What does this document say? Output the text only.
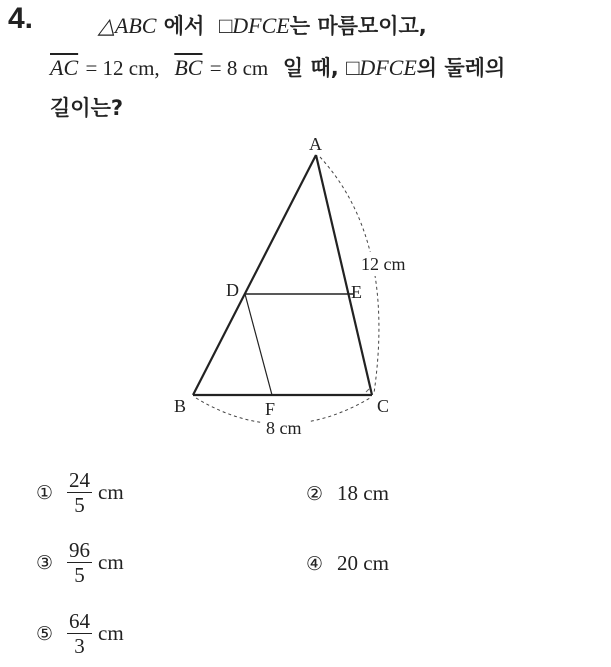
4.	△ABC 에서 □DFCE는 마름모이고,
$\overline{AC} = 12$ cm, $\overline{BC} = 8$ cm 일 때, □DFCE의 둘레의
길이는?
A
B	C
D	E
F
12 cm
8 cm
① $\frac{24}{5}$ cm	② 18
cm
③ $\frac{96}{5}$ cm	④ 20
cm
⑤ $\frac{64}{3}$ cm
